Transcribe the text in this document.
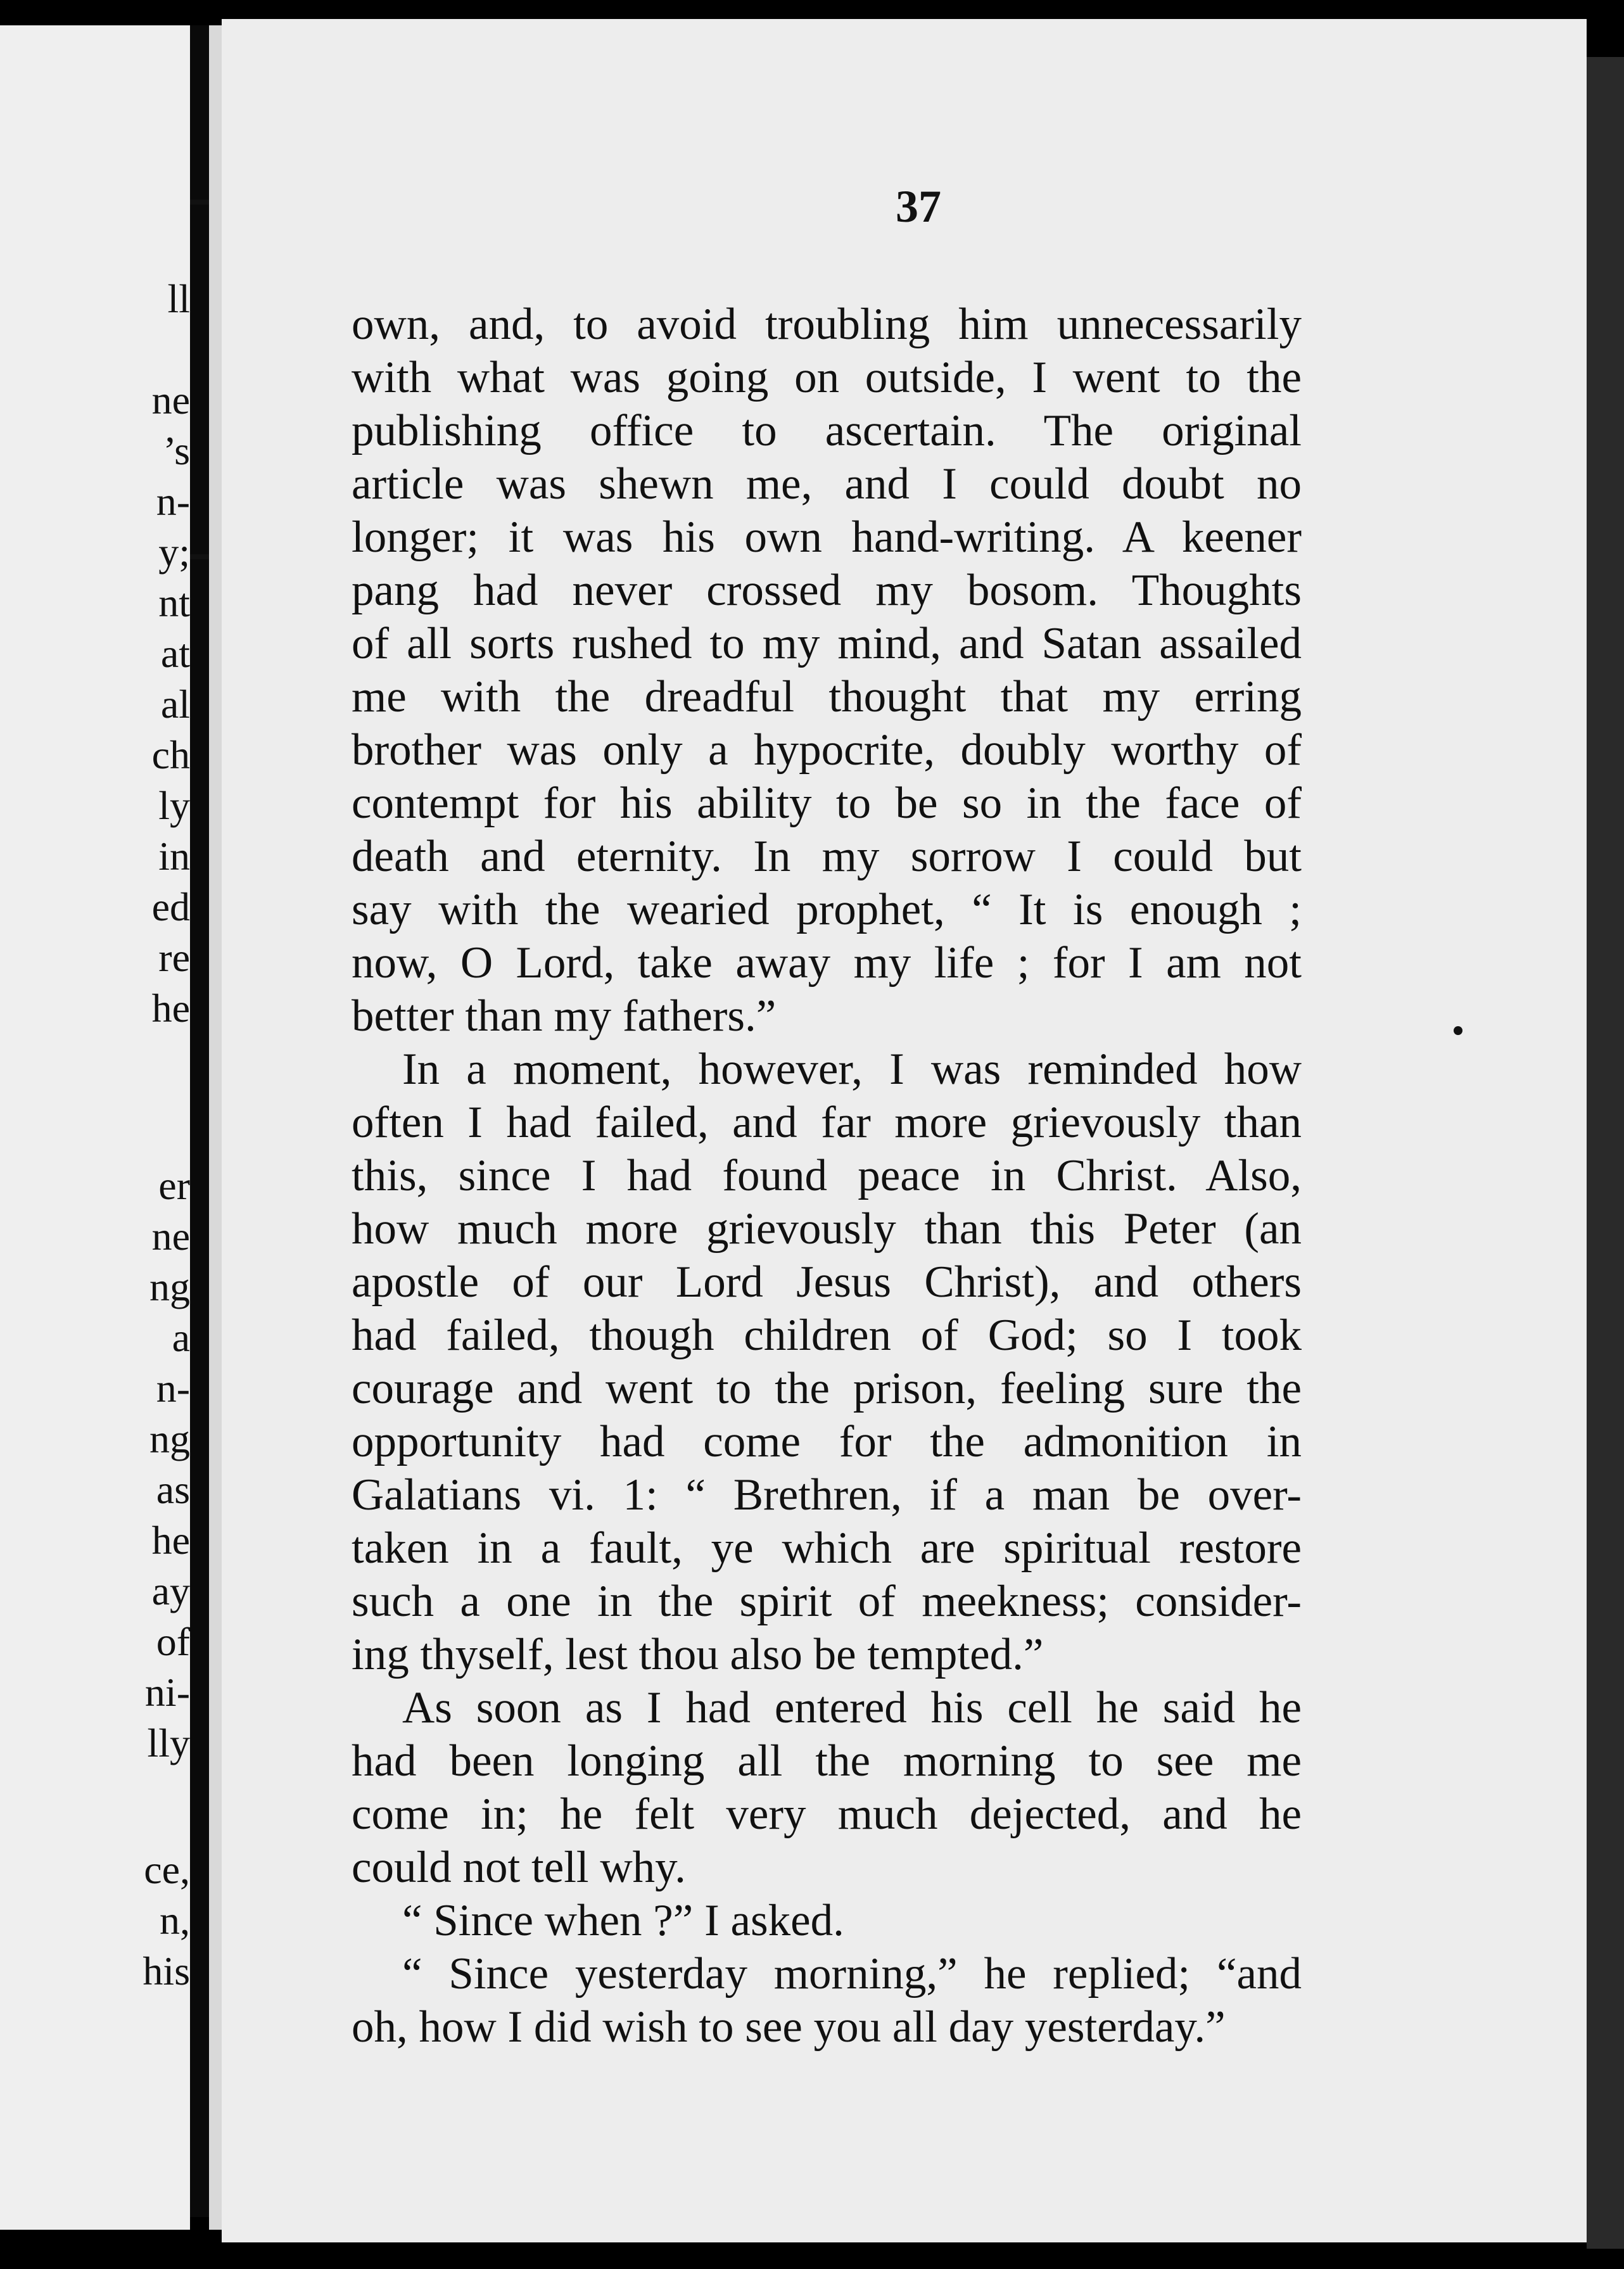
ll
ne
’s
n-
y;
nt
at
al
ch
ly
in
ed
re
he
er
ne
ng
a
n-
ng
as
he
ay
of
ni-
lly
ce,
n,
his
37
own, and, to avoid troubling him unnecessarily
with what was going on outside, I went to the
publishing office to ascertain. The original
article was shewn me, and I could doubt no
longer; it was his own hand-writing. A keener
pang had never crossed my bosom. Thoughts
of all sorts rushed to my mind, and Satan assailed
me with the dreadful thought that my erring
brother was only a hypocrite, doubly worthy of
contempt for his ability to be so in the face of
death and eternity. In my sorrow I could but
say with the wearied prophet, “ It is enough ;
now, O Lord, take away my life ; for I am not
better than my fathers.”
In a moment, however, I was reminded how
often I had failed, and far more grievously than
this, since I had found peace in Christ. Also,
how much more grievously than this Peter (an
apostle of our Lord Jesus Christ), and others
had failed, though children of God; so I took
courage and went to the prison, feeling sure the
opportunity had come for the admonition in
Galatians vi. 1: “ Brethren, if a man be over-
taken in a fault, ye which are spiritual restore
such a one in the spirit of meekness; consider-
ing thyself, lest thou also be tempted.”
As soon as I had entered his cell he said he
had been longing all the morning to see me
come in; he felt very much dejected, and he
could not tell why.
“ Since when ?” I asked.
“ Since yesterday morning,” he replied; “and
oh, how I did wish to see you all day yesterday.”
